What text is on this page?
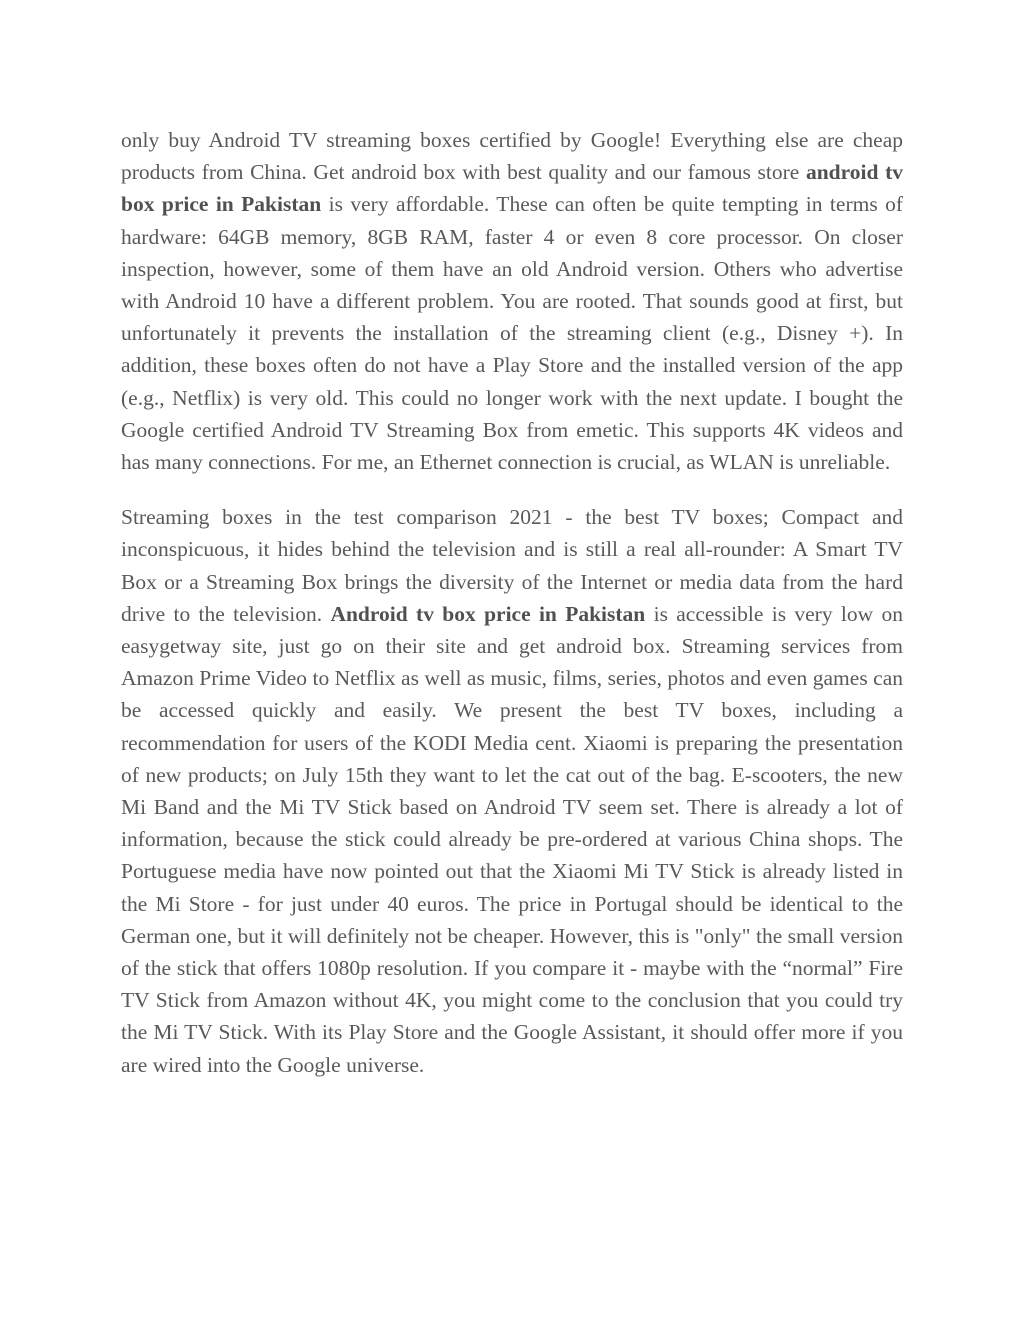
only buy Android TV streaming boxes certified by Google! Everything else are cheap products from China. Get android box with best quality and our famous store android tv box price in Pakistan is very affordable. These can often be quite tempting in terms of hardware: 64GB memory, 8GB RAM, faster 4 or even 8 core processor. On closer inspection, however, some of them have an old Android version. Others who advertise with Android 10 have a different problem. You are rooted. That sounds good at first, but unfortunately it prevents the installation of the streaming client (e.g., Disney +). In addition, these boxes often do not have a Play Store and the installed version of the app (e.g., Netflix) is very old. This could no longer work with the next update. I bought the Google certified Android TV Streaming Box from emetic. This supports 4K videos and has many connections. For me, an Ethernet connection is crucial, as WLAN is unreliable.

Streaming boxes in the test comparison 2021 - the best TV boxes; Compact and inconspicuous, it hides behind the television and is still a real all-rounder: A Smart TV Box or a Streaming Box brings the diversity of the Internet or media data from the hard drive to the television. Android tv box price in Pakistan is accessible is very low on easygetway site, just go on their site and get android box. Streaming services from Amazon Prime Video to Netflix as well as music, films, series, photos and even games can be accessed quickly and easily. We present the best TV boxes, including a recommendation for users of the KODI Media cent. Xiaomi is preparing the presentation of new products; on July 15th they want to let the cat out of the bag. E-scooters, the new Mi Band and the Mi TV Stick based on Android TV seem set. There is already a lot of information, because the stick could already be pre-ordered at various China shops. The Portuguese media have now pointed out that the Xiaomi Mi TV Stick is already listed in the Mi Store - for just under 40 euros. The price in Portugal should be identical to the German one, but it will definitely not be cheaper. However, this is "only" the small version of the stick that offers 1080p resolution. If you compare it - maybe with the “normal” Fire TV Stick from Amazon without 4K, you might come to the conclusion that you could try the Mi TV Stick. With its Play Store and the Google Assistant, it should offer more if you are wired into the Google universe.
